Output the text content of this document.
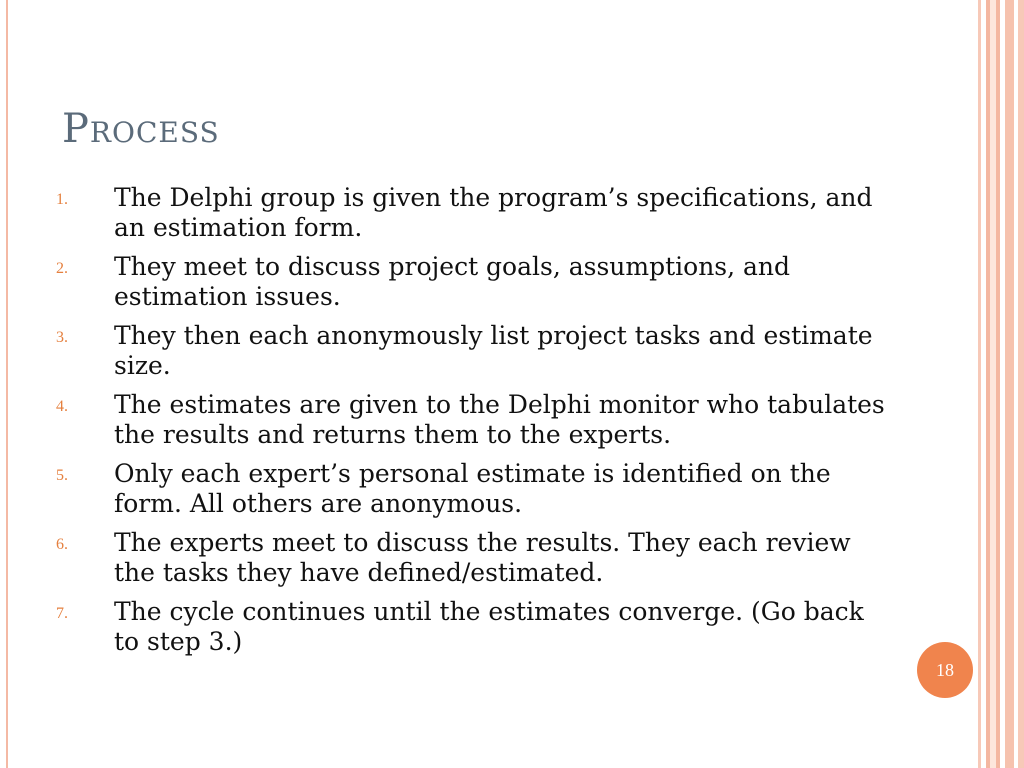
Process
1. The Delphi group is given the program’s specifications, and an estimation form.
2. They meet to discuss project goals, assumptions, and estimation issues.
3. They then each anonymously list project tasks and estimate size.
4. The estimates are given to the Delphi monitor who tabulates the results and returns them to the experts.
5. Only each expert’s personal estimate is identified on the form. All others are anonymous.
6. The experts meet to discuss the results. They each review the tasks they have defined/estimated.
7. The cycle continues until the estimates converge. (Go back to step 3.)
18
